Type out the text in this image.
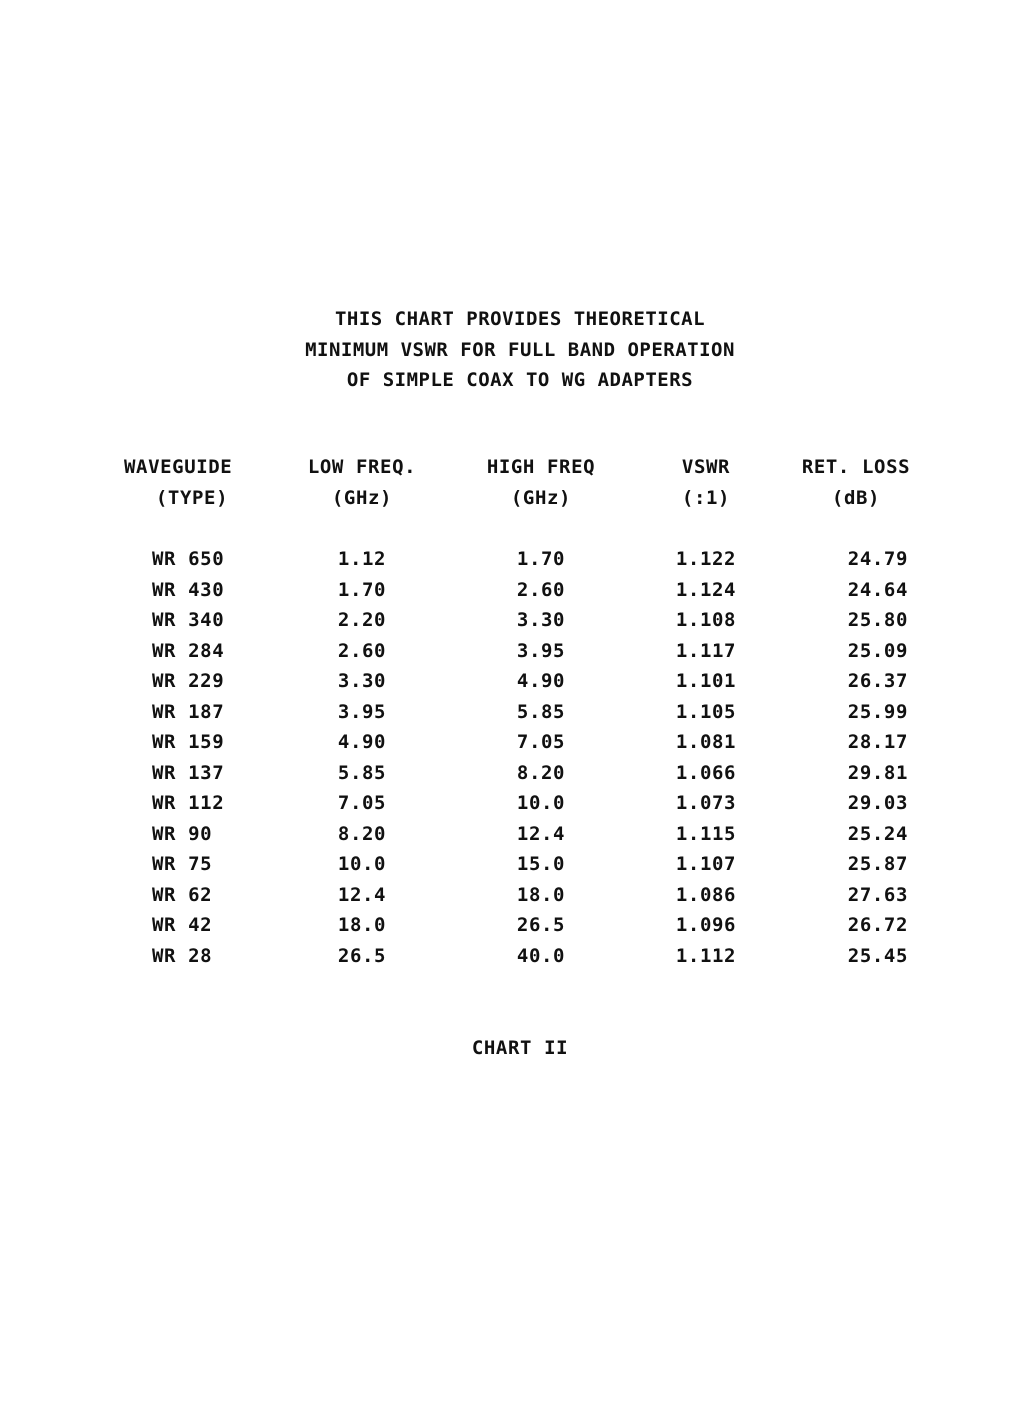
THIS CHART PROVIDES THEORETICAL
MINIMUM VSWR FOR FULL BAND OPERATION
OF SIMPLE COAX TO WG ADAPTERS
WAVEGUIDE	LOW FREQ.	HIGH FREQ	VSWR	RET. LOSS
(TYPE)	(GHz)	(GHz)	(:1)	(dB)
WR 650	1.12	1.70	1.122	24.79
WR 430	1.70	2.60	1.124	24.64
WR 340	2.20	3.30	1.108	25.80
WR 284	2.60	3.95	1.117	25.09
WR 229	3.30	4.90	1.101	26.37
WR 187	3.95	5.85	1.105	25.99
WR 159	4.90	7.05	1.081	28.17
WR 137	5.85	8.20	1.066	29.81
WR 112	7.05	10.0	1.073	29.03
WR 90	8.20	12.4	1.115	25.24
WR 75	10.0	15.0	1.107	25.87
WR 62	12.4	18.0	1.086	27.63
WR 42	18.0	26.5	1.096	26.72
WR 28	26.5	40.0	1.112	25.45
CHART II
